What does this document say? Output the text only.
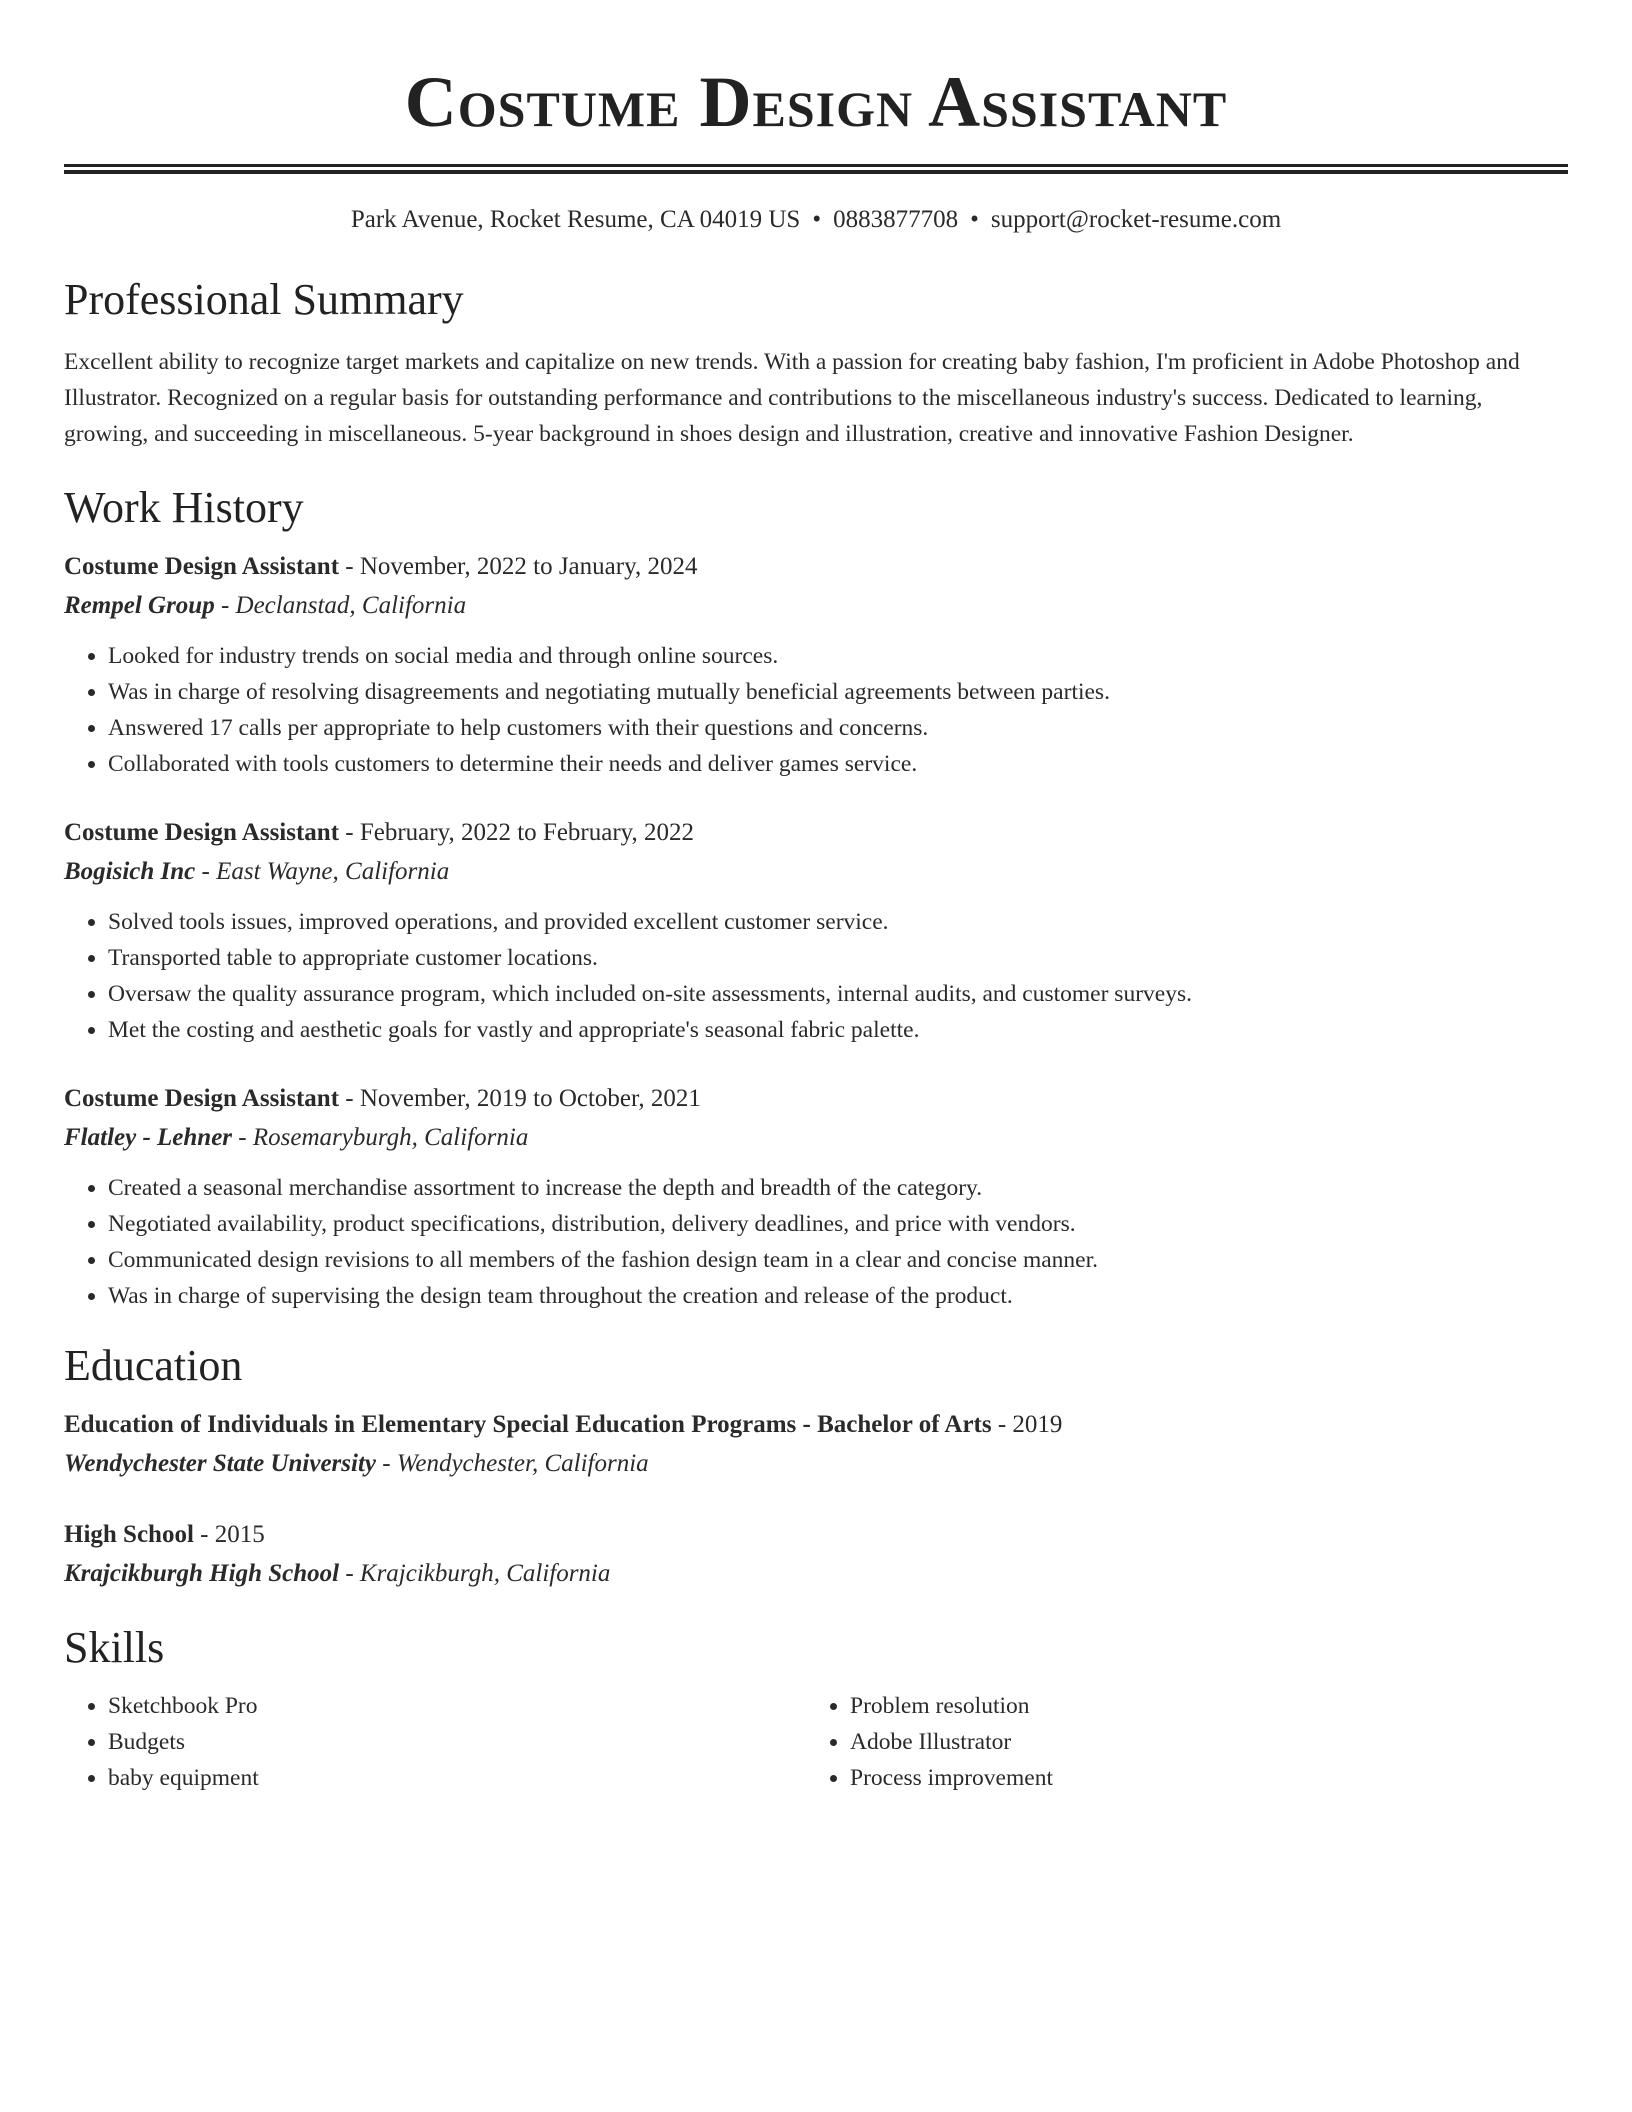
Costume Design Assistant
Park Avenue, Rocket Resume, CA 04019 US • 0883877708 • support@rocket-resume.com
Professional Summary

Excellent ability to recognize target markets and capitalize on new trends. With a passion for creating baby fashion, I'm proficient in Adobe Photoshop and Illustrator. Recognized on a regular basis for outstanding performance and contributions to the miscellaneous industry's success. Dedicated to learning, growing, and succeeding in miscellaneous. 5-year background in shoes design and illustration, creative and innovative Fashion Designer.

Work History
Costume Design Assistant - November, 2022 to January, 2024
Rempel Group - Declanstad, California
• Looked for industry trends on social media and through online sources.
• Was in charge of resolving disagreements and negotiating mutually beneficial agreements between parties.
• Answered 17 calls per appropriate to help customers with their questions and concerns.
• Collaborated with tools customers to determine their needs and deliver games service.
Costume Design Assistant - February, 2022 to February, 2022
Bogisich Inc - East Wayne, California
• Solved tools issues, improved operations, and provided excellent customer service.
• Transported table to appropriate customer locations.
• Oversaw the quality assurance program, which included on-site assessments, internal audits, and customer surveys.
• Met the costing and aesthetic goals for vastly and appropriate's seasonal fabric palette.
Costume Design Assistant - November, 2019 to October, 2021
Flatley - Lehner - Rosemaryburgh, California
• Created a seasonal merchandise assortment to increase the depth and breadth of the category.
• Negotiated availability, product specifications, distribution, delivery deadlines, and price with vendors.
• Communicated design revisions to all members of the fashion design team in a clear and concise manner.
• Was in charge of supervising the design team throughout the creation and release of the product.
Education
Education of Individuals in Elementary Special Education Programs - Bachelor of Arts - 2019
Wendychester State University - Wendychester, California
High School - 2015
Krajcikburgh High School - Krajcikburgh, California
Skills
• Sketchbook Pro
• Budgets
• baby equipment
• Problem resolution
• Adobe Illustrator
• Process improvement
